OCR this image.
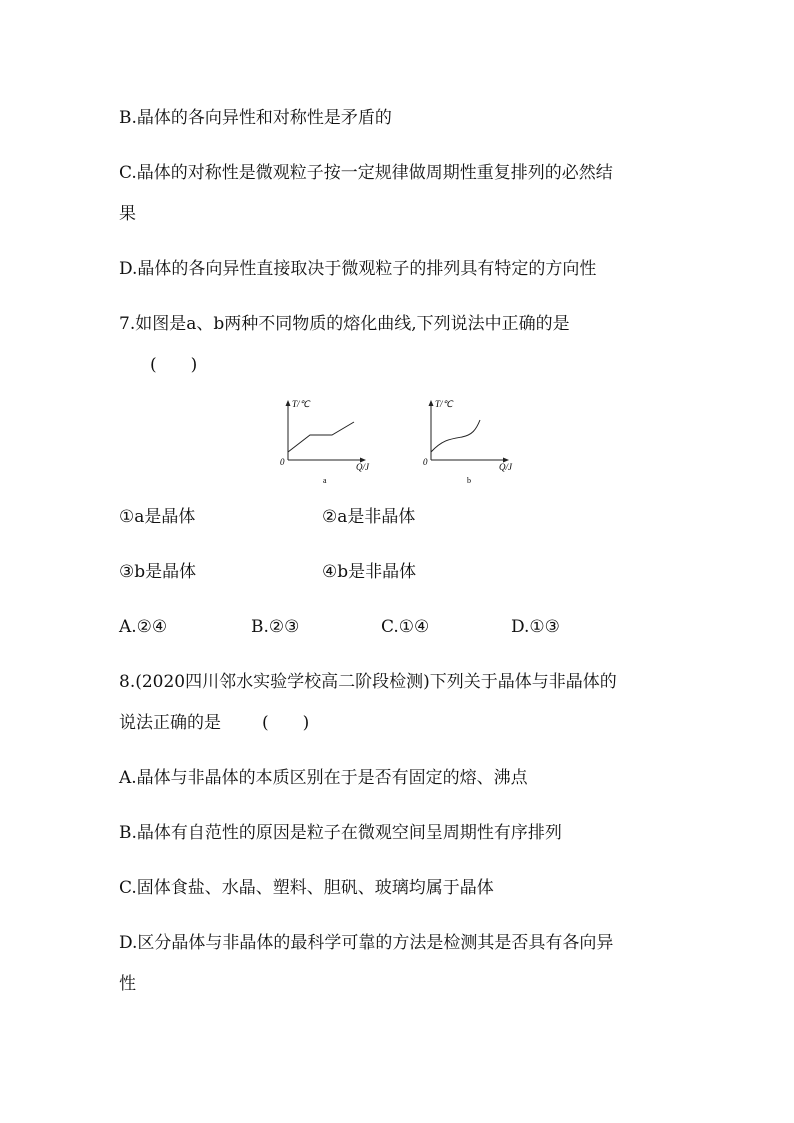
B.晶体的各向异性和对称性是矛盾的
C.晶体的对称性是微观粒子按一定规律做周期性重复排列的必然结
果
D.晶体的各向异性直接取决于微观粒子的排列具有特定的方向性
7.如图是a、b两种不同物质的熔化曲线,下列说法中正确的是
(　　)
T/℃
Q/J
0
a
T/℃
Q/J
0
b
①a是晶体	②a是非晶体
③b是晶体	④b是非晶体
A.②④	B.②③	C.①④	D.①③
8.(2020四川邻水实验学校高二阶段检测)下列关于晶体与非晶体的
说法正确的是 (　　)
A.晶体与非晶体的本质区别在于是否有固定的熔、沸点
B.晶体有自范性的原因是粒子在微观空间呈周期性有序排列
C.固体食盐、水晶、塑料、胆矾、玻璃均属于晶体
D.区分晶体与非晶体的最科学可靠的方法是检测其是否具有各向异
性
